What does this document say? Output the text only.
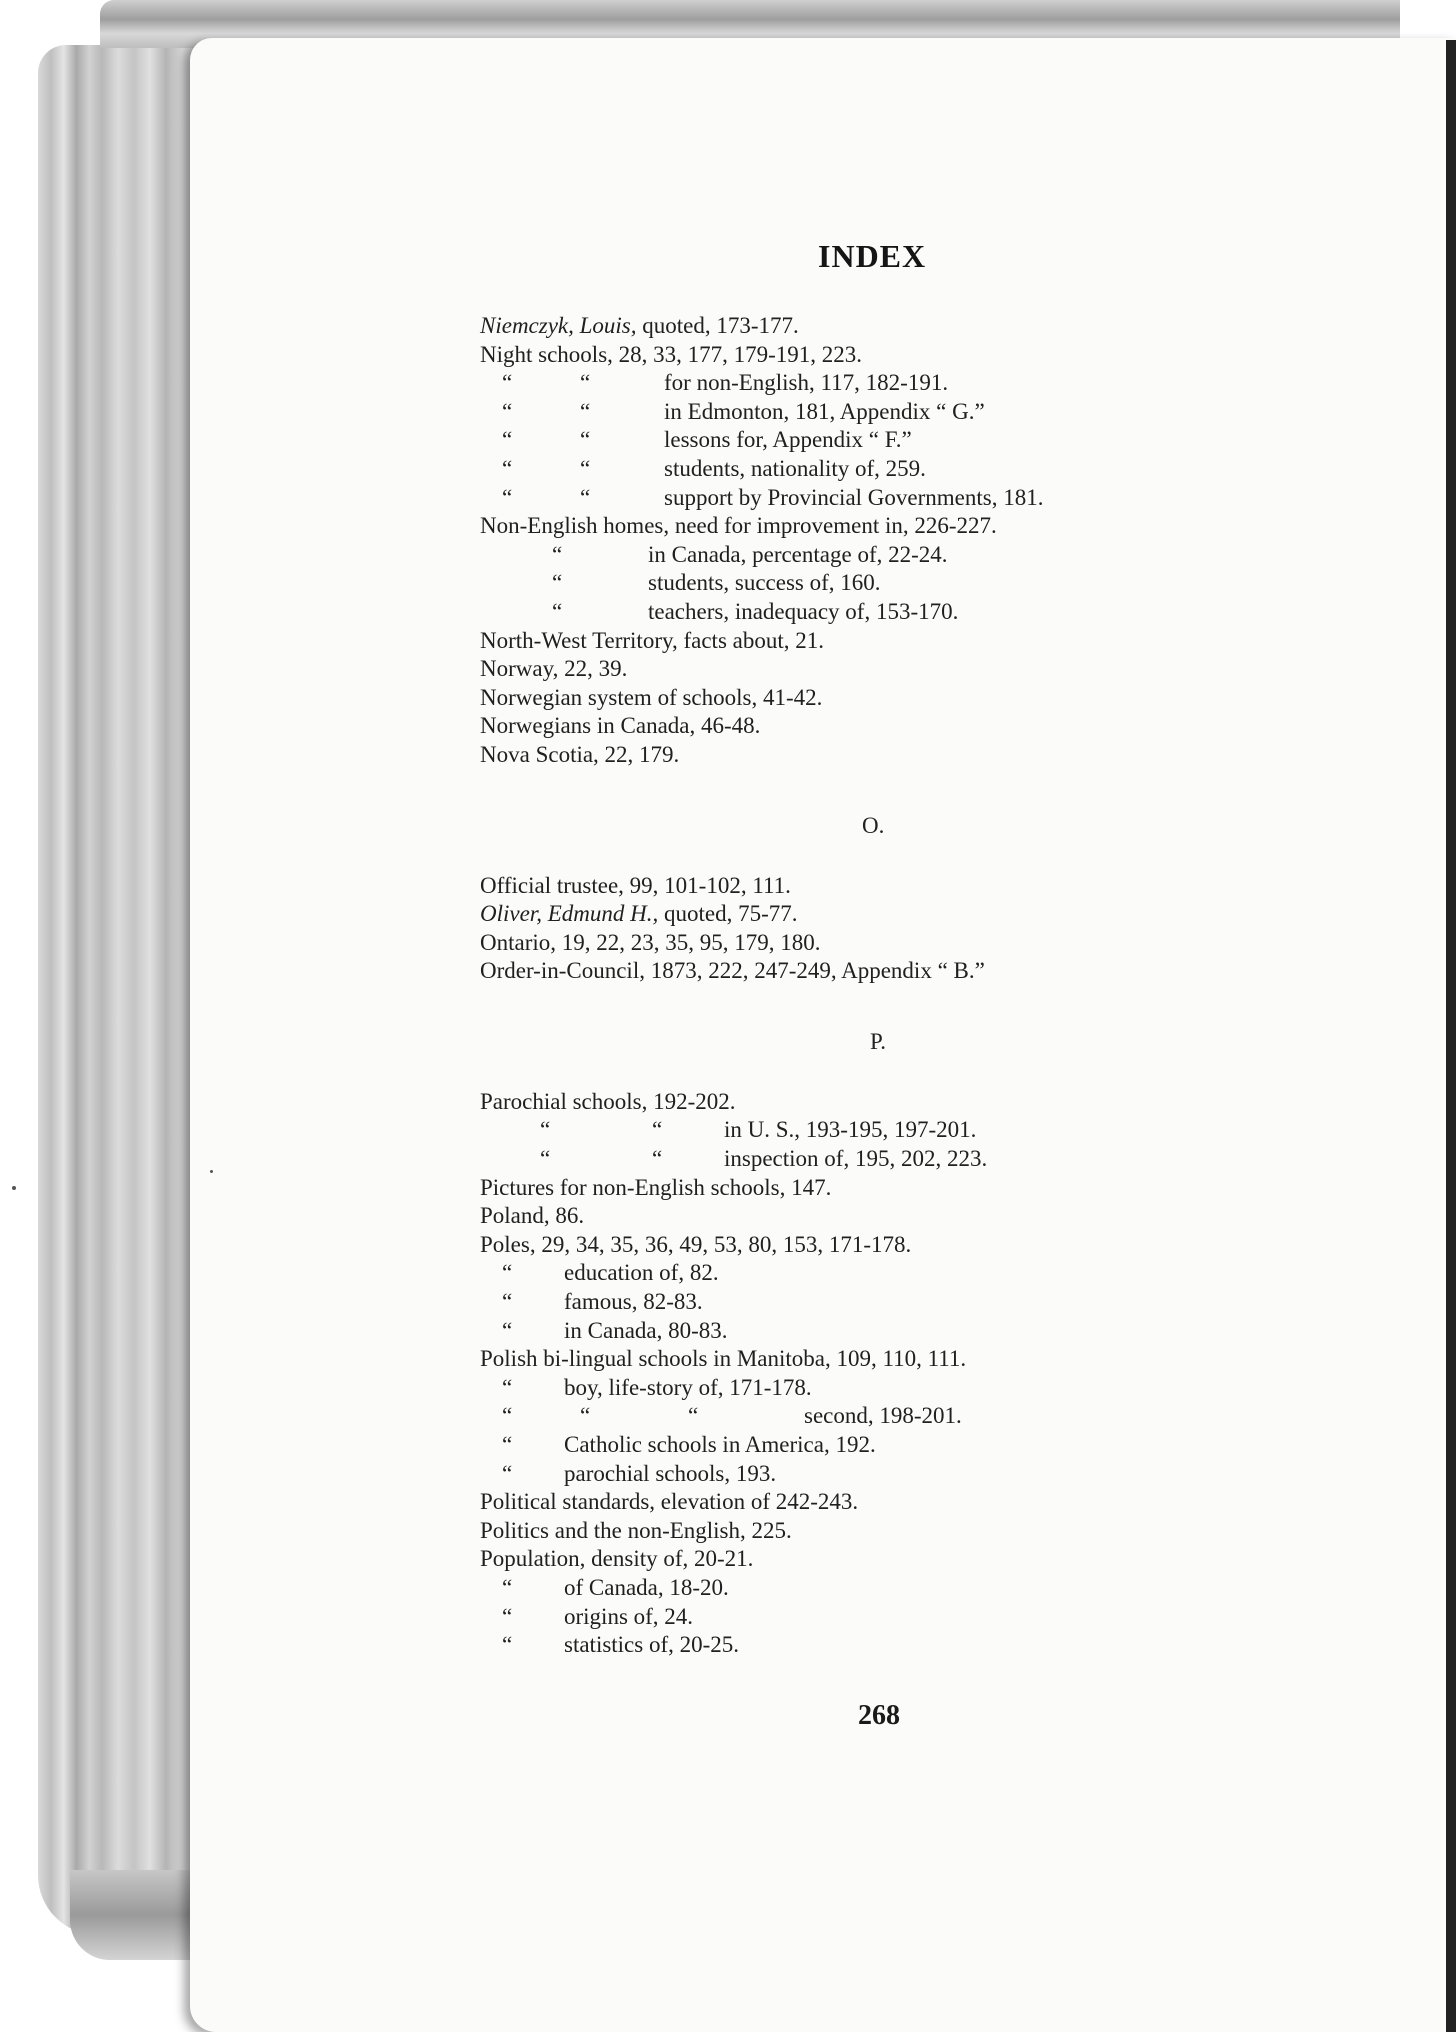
INDEX
Niemczyk, Louis, quoted, 173-177.
Night schools, 28, 33, 177, 179-191, 223.
“	“	for non-English, 117, 182-191.
“	“	in Edmonton, 181, Appendix “ G.”
“	“	lessons for, Appendix “ F.”
“	“	students, nationality of, 259.
“	“	support by Provincial Governments, 181.
Non-English homes, need for improvement in, 226-227.
“	in Canada, percentage of, 22-24.
“	students, success of, 160.
“	teachers, inadequacy of, 153-170.
North-West Territory, facts about, 21.
Norway, 22, 39.
Norwegian system of schools, 41-42.
Norwegians in Canada, 46-48.
Nova Scotia, 22, 179.
O.
Official trustee, 99, 101-102, 111.
Oliver, Edmund H., quoted, 75-77.
Ontario, 19, 22, 23, 35, 95, 179, 180.
Order-in-Council, 1873, 222, 247-249, Appendix “ B.”
P.
Parochial schools, 192-202.
“	“	in U. S., 193-195, 197-201.
“	“	inspection of, 195, 202, 223.
Pictures for non-English schools, 147.
Poland, 86.
Poles, 29, 34, 35, 36, 49, 53, 80, 153, 171-178.
“ education of, 82.
“ famous, 82-83.
“ in Canada, 80-83.
Polish bi-lingual schools in Manitoba, 109, 110, 111.
“ boy, life-story of, 171-178.
“	“	“	second, 198-201.
“ Catholic schools in America, 192.
“ parochial schools, 193.
Political standards, elevation of 242-243.
Politics and the non-English, 225.
Population, density of, 20-21.
“ of Canada, 18-20.
“ origins of, 24.
“ statistics of, 20-25.
268
